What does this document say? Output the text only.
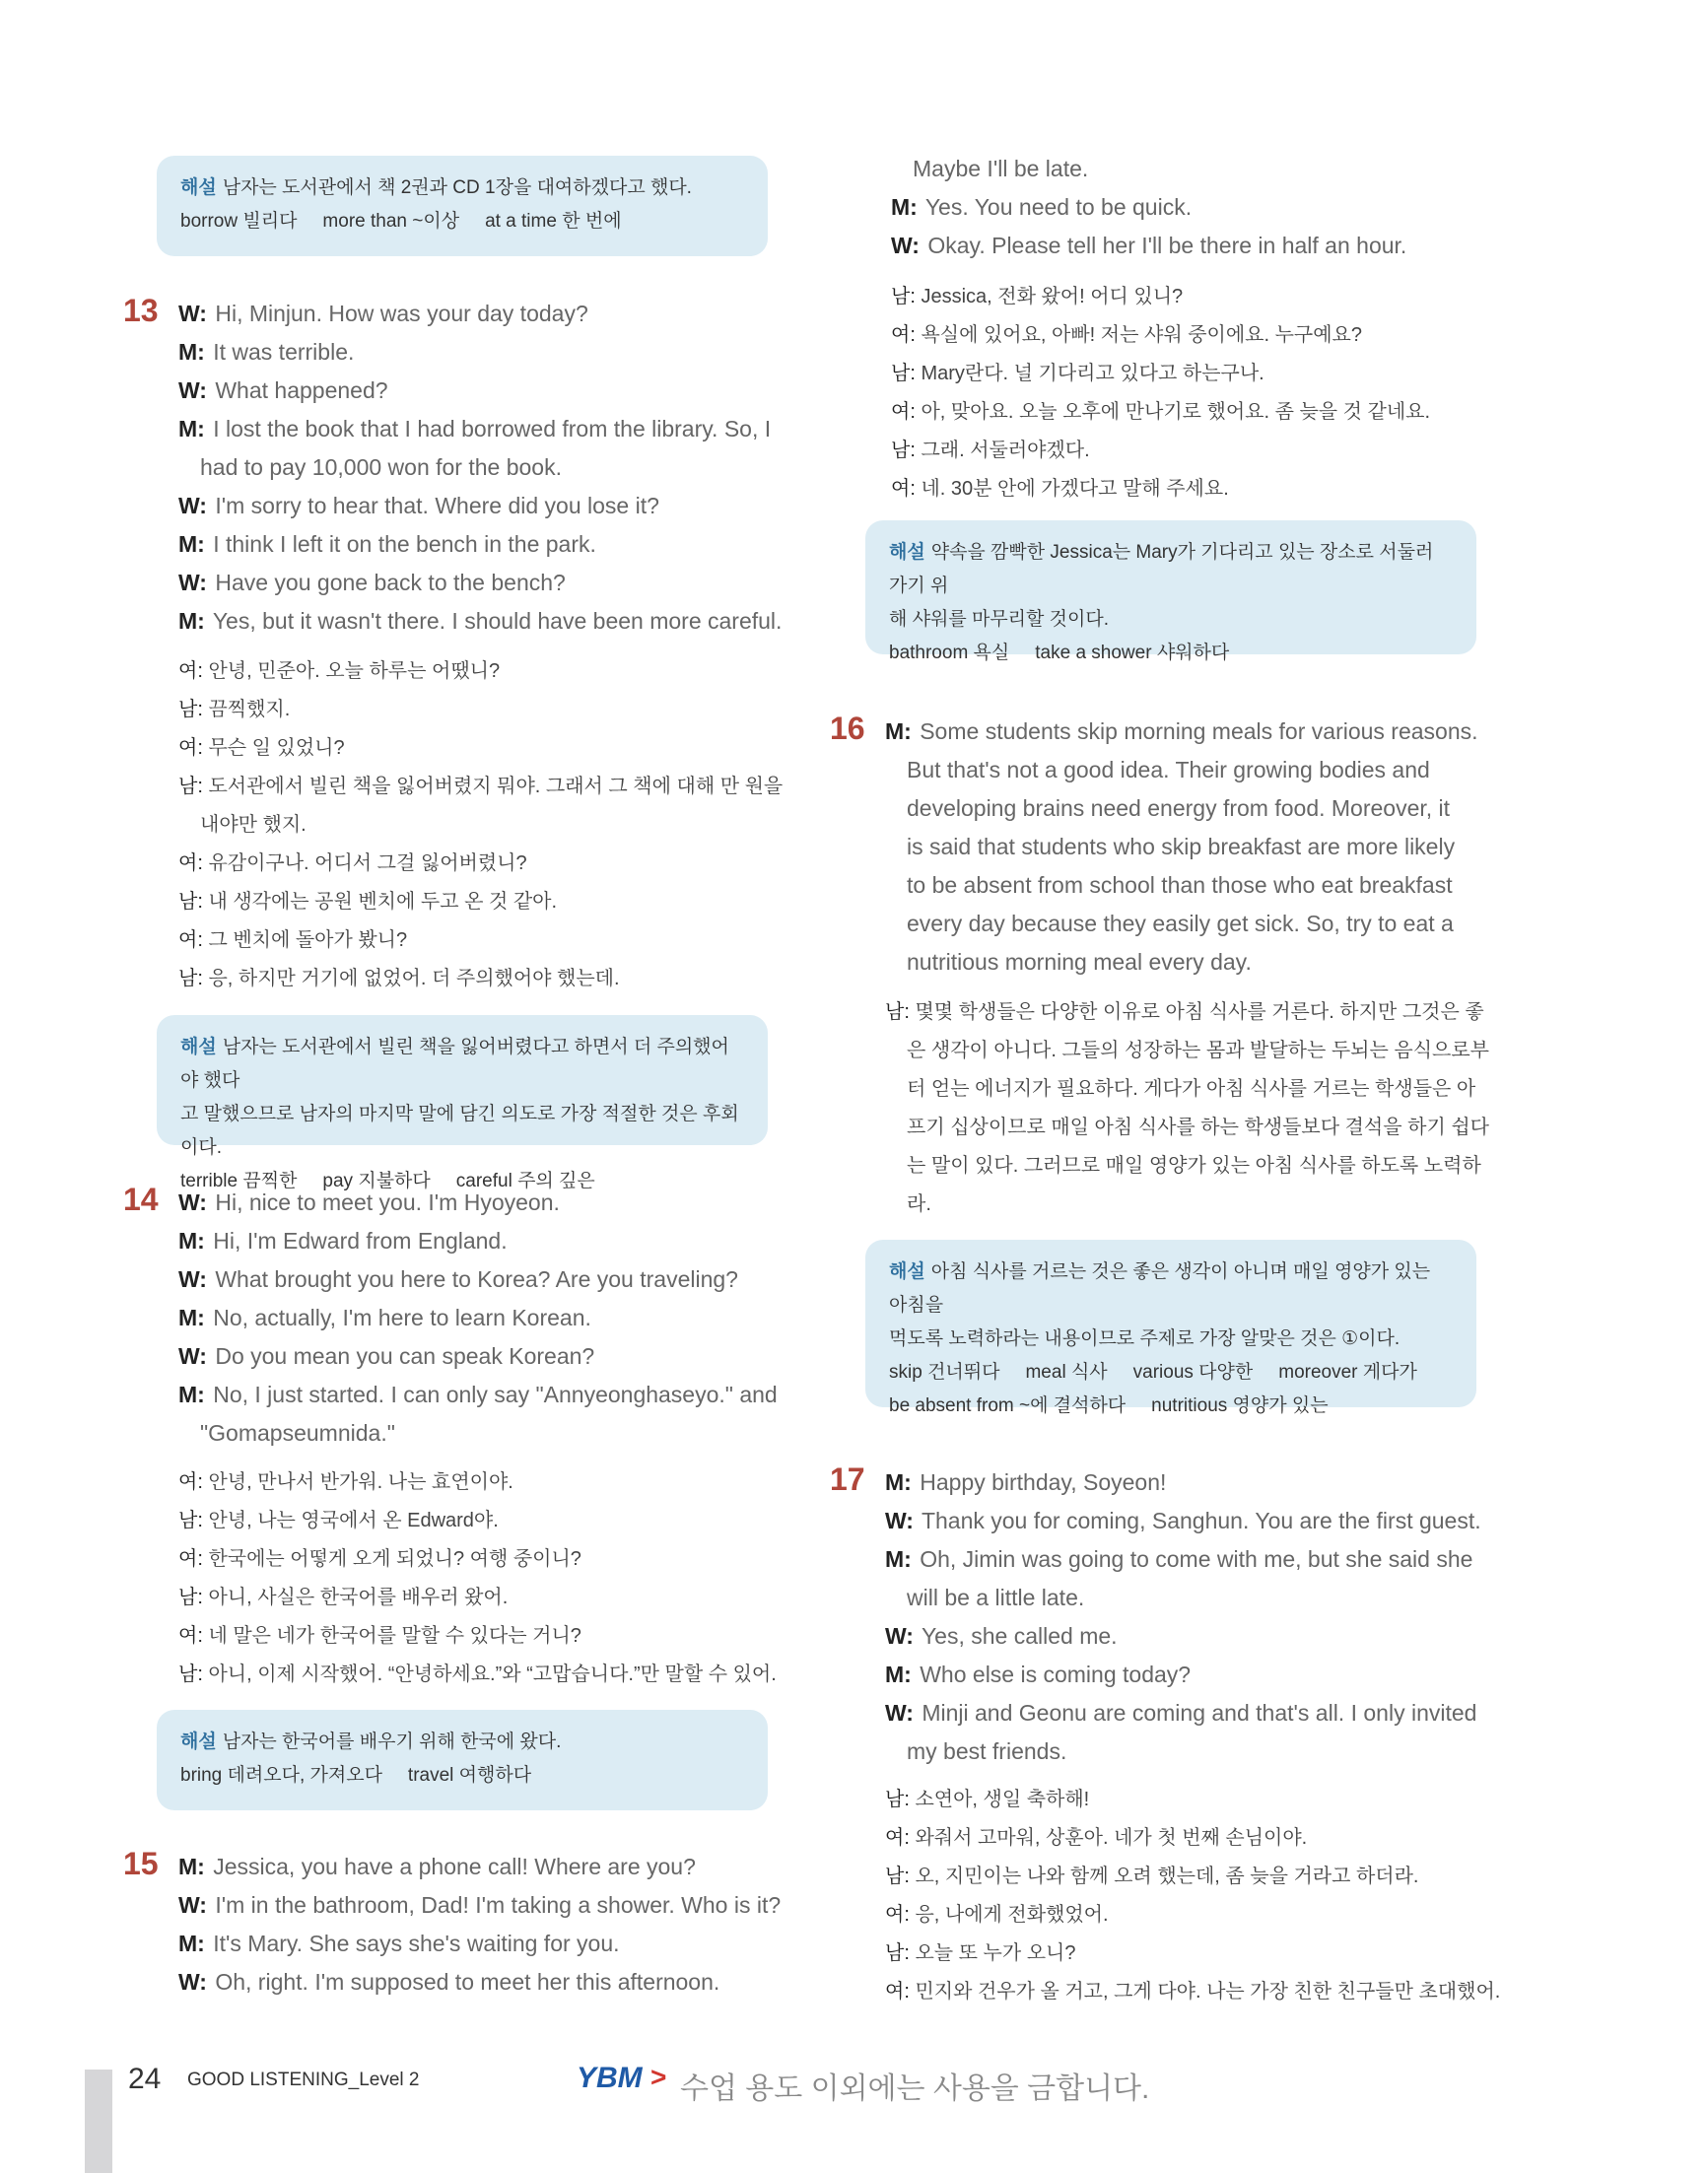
해설 남자는 도서관에서 책 2권과 CD 1장을 대여하겠다고 했다.
borrow 빌리다 more than ~이상 at a time 한 번에
13 W: Hi, Minjun. How was your day today?
M: It was terrible.
W: What happened?
M: I lost the book that I had borrowed from the library. So, I
had to pay 10,000 won for the book.
W: I'm sorry to hear that. Where did you lose it?
M: I think I left it on the bench in the park.
W: Have you gone back to the bench?
M: Yes, but it wasn't there. I should have been more careful.
여: 안녕, 민준아. 오늘 하루는 어땠니?
남: 끔찍했지.
여: 무슨 일 있었니?
남: 도서관에서 빌린 책을 잃어버렸지 뭐야. 그래서 그 책에 대해 만 원을
내야만 했지.
여: 유감이구나. 어디서 그걸 잃어버렸니?
남: 내 생각에는 공원 벤치에 두고 온 것 같아.
여: 그 벤치에 돌아가 봤니?
남: 응, 하지만 거기에 없었어. 더 주의했어야 했는데.
해설 남자는 도서관에서 빌린 책을 잃어버렸다고 하면서 더 주의했어야 했다
고 말했으므로 남자의 마지막 말에 담긴 의도로 가장 적절한 것은 후회이다.
terrible 끔찍한 pay 지불하다 careful 주의 깊은
14 W: Hi, nice to meet you. I'm Hyoyeon.
M: Hi, I'm Edward from England.
W: What brought you here to Korea? Are you traveling?
M: No, actually, I'm here to learn Korean.
W: Do you mean you can speak Korean?
M: No, I just started. I can only say "Annyeonghaseyo." and
"Gomapseumnida."
여: 안녕, 만나서 반가워. 나는 효연이야.
남: 안녕, 나는 영국에서 온 Edward야.
여: 한국에는 어떻게 오게 되었니? 여행 중이니?
남: 아니, 사실은 한국어를 배우러 왔어.
여: 네 말은 네가 한국어를 말할 수 있다는 거니?
남: 아니, 이제 시작했어. “안녕하세요.”와 “고맙습니다.”만 말할 수 있어.
해설 남자는 한국어를 배우기 위해 한국에 왔다.
bring 데려오다, 가져오다 travel 여행하다
15 M: Jessica, you have a phone call! Where are you?
W: I'm in the bathroom, Dad! I'm taking a shower. Who is it?
M: It's Mary. She says she's waiting for you.
W: Oh, right. I'm supposed to meet her this afternoon.
Maybe I'll be late.
M: Yes. You need to be quick.
W: Okay. Please tell her I'll be there in half an hour.
남: Jessica, 전화 왔어! 어디 있니?
여: 욕실에 있어요, 아빠! 저는 샤워 중이에요. 누구예요?
남: Mary란다. 널 기다리고 있다고 하는구나.
여: 아, 맞아요. 오늘 오후에 만나기로 했어요. 좀 늦을 것 같네요.
남: 그래. 서둘러야겠다.
여: 네. 30분 안에 가겠다고 말해 주세요.
해설 약속을 깜빡한 Jessica는 Mary가 기다리고 있는 장소로 서둘러 가기 위
해 샤워를 마무리할 것이다.
bathroom 욕실 take a shower 샤워하다
16 M: Some students skip morning meals for various reasons.
But that's not a good idea. Their growing bodies and
developing brains need energy from food. Moreover, it
is said that students who skip breakfast are more likely
to be absent from school than those who eat breakfast
every day because they easily get sick. So, try to eat a
nutritious morning meal every day.
남: 몇몇 학생들은 다양한 이유로 아침 식사를 거른다. 하지만 그것은 좋
은 생각이 아니다. 그들의 성장하는 몸과 발달하는 두뇌는 음식으로부
터 얻는 에너지가 필요하다. 게다가 아침 식사를 거르는 학생들은 아
프기 십상이므로 매일 아침 식사를 하는 학생들보다 결석을 하기 쉽다
는 말이 있다. 그러므로 매일 영양가 있는 아침 식사를 하도록 노력하
라.
해설 아침 식사를 거르는 것은 좋은 생각이 아니며 매일 영양가 있는 아침을
먹도록 노력하라는 내용이므로 주제로 가장 알맞은 것은 ①이다.
skip 건너뛰다 meal 식사 various 다양한 moreover 게다가
be absent from ~에 결석하다 nutritious 영양가 있는
17 M: Happy birthday, Soyeon!
W: Thank you for coming, Sanghun. You are the first guest.
M: Oh, Jimin was going to come with me, but she said she
will be a little late.
W: Yes, she called me.
M: Who else is coming today?
W: Minji and Geonu are coming and that's all. I only invited
my best friends.
남: 소연아, 생일 축하해!
여: 와줘서 고마워, 상훈아. 네가 첫 번째 손님이야.
남: 오, 지민이는 나와 함께 오려 했는데, 좀 늦을 거라고 하더라.
여: 응, 나에게 전화했었어.
남: 오늘 또 누가 오니?
여: 민지와 건우가 올 거고, 그게 다야. 나는 가장 친한 친구들만 초대했어.
24 GOOD LISTENING_Level 2	YBM > 수업 용도 이외에는 사용을 금합니다.
